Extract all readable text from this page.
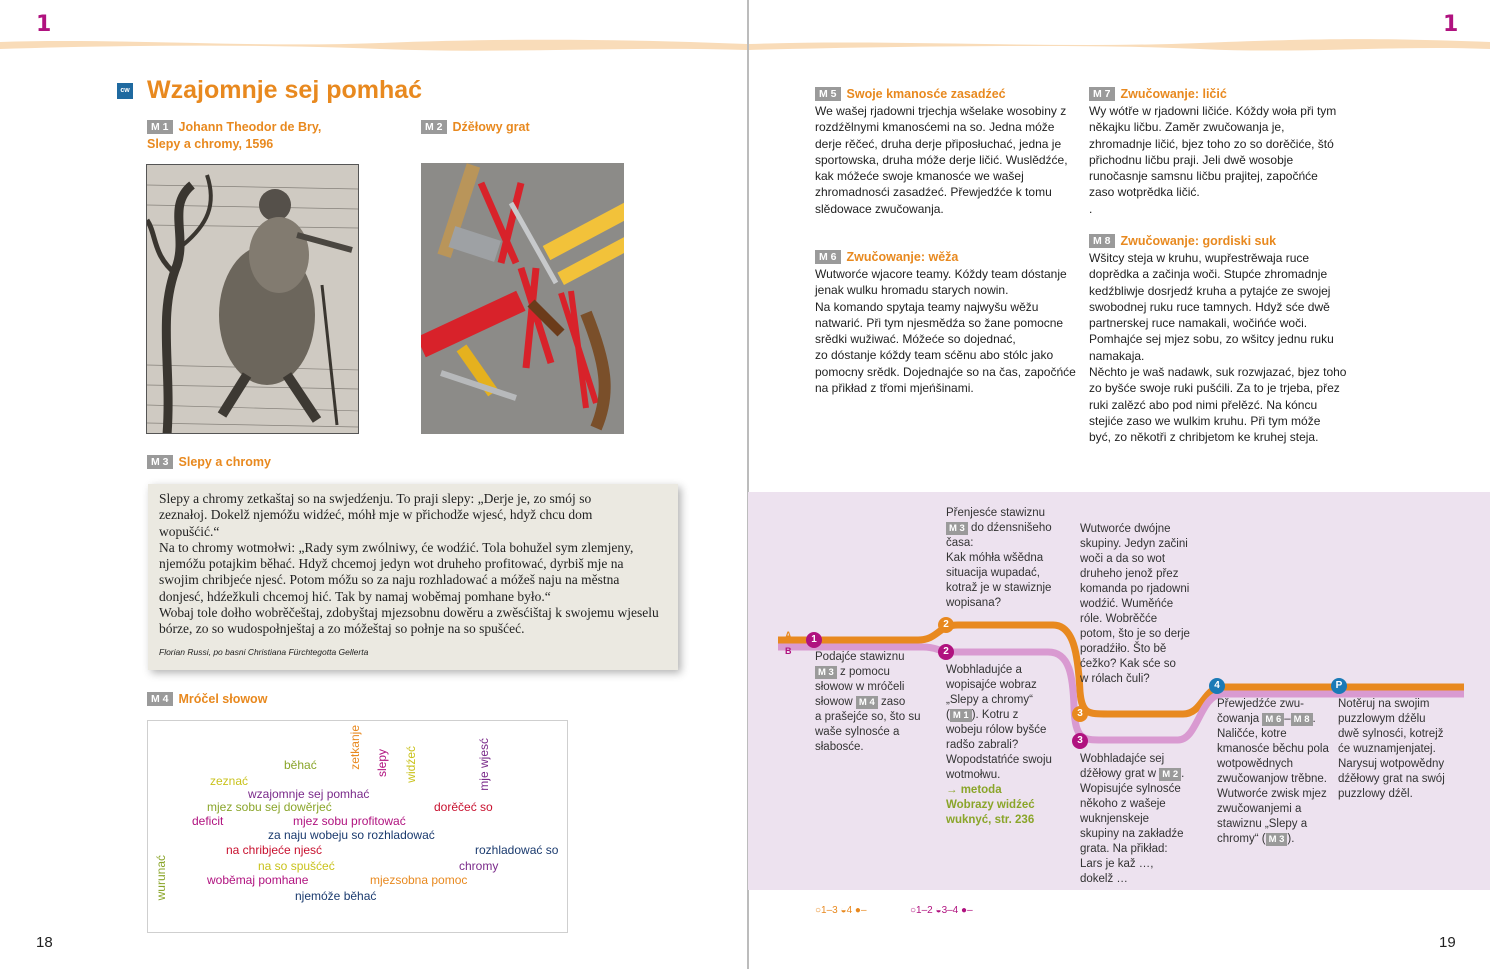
1	1
18	19
cw Wzajomnje sej pomhać
M 1 Johann Theodor de Bry,
Slepy a chromy, 1596
M 2 Dźěłowy grat
M 3 Slepy a chromy
Slepy a chromy zetkaštaj so na swjedźenju. To praji slepy: „Derje je, zo smój so
zeznałoj. Dokelž njemóžu widźeć, móhł mje w přichodže wjesć, hdyž chcu dom
wopušćić.“
Na to chromy wotmołwi: „Rady sym zwólniwy, će wodźić. Tola bohužel sym zlemjeny,
njemóžu potajkim běhać. Hdyž chcemoj jedyn wot druheho profitować, dyrbiš mje na
swojim chribjeće njesć. Potom móžu so za naju rozhladować a móžeš naju na městna
donjesć, hdźežkuli chcemoj hić. Tak by namaj woběmaj pomhane było.“
Wobaj tole dołho wobrěčeštaj, zdobyštaj mjezsobnu dowěru a zwěsćištaj k swojemu wjeselu
bórze, zo so wudospołnještaj a zo móžeštaj so połnje na so spušćeć.
Florian Russi, po basni Christiana Fürchtegotta Gellerta
M 4 Mróčel słowow
zetkanje slepy widźeć	mje wjesć
běhać
zeznać
wzajomnje sej pomhać
mjez sobu sej dowěrjeć	dorěčeć so
deficit	mjez sobu profitować
za naju wobeju so rozhladować
rozhladować so
na chribjeće njesć
na so spušćeć	chromy
wurunać	woběmaj pomhane	mjezsobna pomoc
njemóže běhać
M 5 Swoje kmanosće zasadźeć
We wašej rjadowni trjechja wšelake wosobiny z
rozdźělnymi kmanosćemi na so. Jedna móže
derje rěčeć, druha derje připosłuchać, jedna je
sportowska, druha móže derje ličić. Wuslědźće,
kak móžeće swoje kmanosće we wašej
zhromadnosći zasadźeć. Přewjedźće k tomu
slědowace zwučowanja.
M 6 Zwučowanje: wěža
Wutworće wjacore teamy. Kóždy team dóstanje
jenak wulku hromadu starych nowin.
Na komando spytaja teamy najwyšu wěžu
natwarić. Při tym njesmědźa so žane pomocne
srědki wužiwać. Móžeće so dojednać,
zo dóstanje kóždy team sćěnu abo stólc jako
pomocny srědk. Dojednajće so na čas, započńće
na přikład z třomi mjeńšinami.
M 7 Zwučowanje: ličić
Wy wótře w rjadowni ličiće. Kóždy woła při tym
někajku ličbu. Zaměr zwučowanja je,
zhromadnje ličić, bjez toho zo so dorěčiće, štó
přichodnu ličbu praji. Jeli dwě wosobje
runočasnje samsnu ličbu prajitej, započńće
zaso wotprědka ličić.
.
M 8 Zwučowanje: gordiski suk
Wšitcy steja w kruhu, wupřestrěwaja ruce
doprědka a začinja woči. Stupće zhromadnje
kedźbliwje dosrjedź kruha a pytajće ze swojej
swobodnej ruku ruce tamnych. Hdyž sće dwě
partnerskej ruce namakali, wočińće woči.
Pomhajće sej mjez sobu, zo wšitcy jednu ruku
namakaja.
Něchto je waš nadawk, suk rozwjazać, bjez toho
zo byšće swoje ruki pušćili. Za to je trjeba, přez
ruki zalězć abo pod nimi přelězć. Na kóncu
stejiće zaso we wulkim kruhu. Při tym móže
być, zo někotři z chribjetom ke kruhej steja.
A
B
1
2
2
3
3
4	P
Podajće stawiznu
M 3 z pomocu
słowow w mróčeli
słowow M 4 zaso
a prašejće so, što su
waše sylnosće a
słabosće.
Přenjesće stawiznu
M 3 do dźensnišeho
časa:
Kak móhła wšědna
situacija wupadać,
kotraž je w stawiznje
wopisana?
Wobhladujće a
wopisajće wobraz
„Slepy a chromy“
( M 1 ). Kotru z
wobeju rólow byšće
radšo zabrali?
Wopodstatńće swoju
wotmołwu.
→ metoda
Wobrazy widźeć
wuknyć, str. 236
Wutworće dwójne
skupiny. Jedyn začini
woči a da so wot
druheho jenož přez
komanda po rjadowni
wodźić. Wuměńće
róle. Wobrěčće
potom, što je so derje
poradźiło. Što bě
ćežko? Kak sće so
w rólach čuli?
Wobhladajće sej
dźěłowy grat w M 2 .
Wopisujće sylnosće
někoho z wašeje
wuknjenskeje
skupiny na zakładźe
grata. Na přikład:
Lars je kaž …,
dokelž …
Přewjedźće zwu-
čowanja M 6 – M 8 .
Naličće, kotre
kmanosće běchu pola
wotpowědnych
zwučowanjow trěbne.
Wutworće zwisk mjez
zwučowanjemi a
stawiznu „Slepy a
chromy“ ( M 3 ).
Notěruj na swojim
puzzlowym dźělu
dwě sylnosći, kotrejž
će wuznamjenjatej.
Narysuj wotpowědny
dźěłowy grat na swój
puzzlowy dźěl.
○1–3 ◒4 ●–	○1–2 ◒3–4 ●–
